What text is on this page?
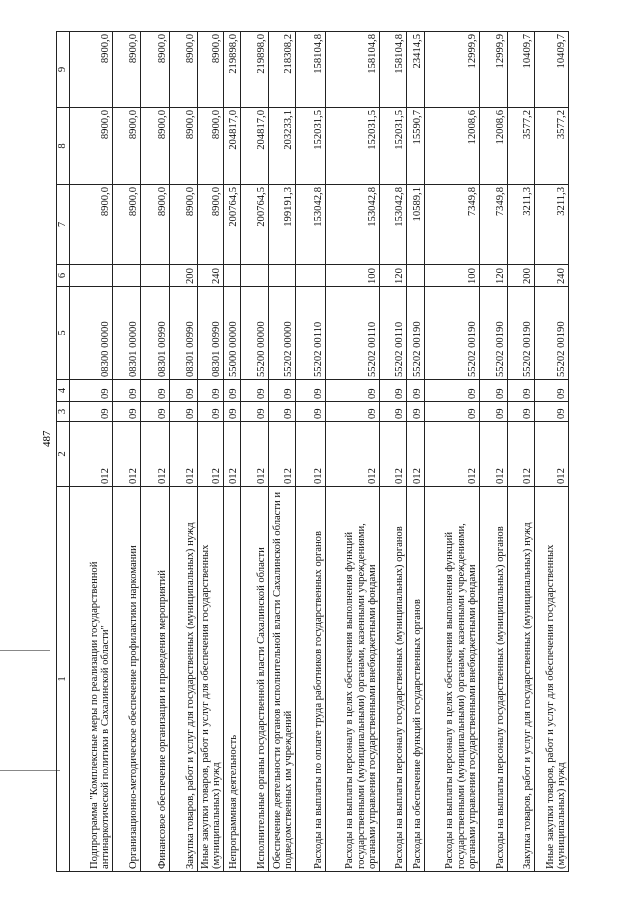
487
1	2	3	4	5	6	7	8	9
Подпрограмма "Комплексные меры по реализации государственной антинаркотической политики в Сахалинской области"	012	09	09	08300 00000		8900,0	8900,0	8900,0
Организационно-методическое обеспечение профилактики наркомании	012	09	09	08301 00000		8900,0	8900,0	8900,0
Финансовое обеспечение организации и проведения мероприятий	012	09	09	08301 00990		8900,0	8900,0	8900,0
Закупка товаров, работ и услуг для государственных (муниципальных) нужд	012	09	09	08301 00990	200	8900,0	8900,0	8900,0
Иные закупки товаров, работ и услуг для обеспечения государственных (муниципальных) нужд	012	09	09	08301 00990	240	8900,0	8900,0	8900,0
Непрограммная деятельность	012	09	09	55000 00000		200764,5	204817,0	219898,0
Исполнительные органы государственной власти Сахалинской области	012	09	09	55200 00000		200764,5	204817,0	219898,0
Обеспечение деятельности органов исполнительной власти Сахалинской области и подведомственных им учреждений	012	09	09	55202 00000		199191,3	203233,1	218308,2
Расходы на выплаты по оплате труда работников государственных органов	012	09	09	55202 00110		153042,8	152031,5	158104,8
Расходы на выплаты персоналу в целях обеспечения выполнения функций государственными (муниципальными) органами, казенными учреждениями, органами управления государственными внебюджетными фондами	012	09	09	55202 00110	100	153042,8	152031,5	158104,8
Расходы на выплаты персоналу государственных (муниципальных) органов	012	09	09	55202 00110	120	153042,8	152031,5	158104,8
Расходы на обеспечение функций государственных органов	012	09	09	55202 00190		10589,1	15590,7	23414,5
Расходы на выплаты персоналу в целях обеспечения выполнения функций государственными (муниципальными) органами, казенными учреждениями, органами управления государственными внебюджетными фондами	012	09	09	55202 00190	100	7349,8	12008,6	12999,9
Расходы на выплаты персоналу государственных (муниципальных) органов	012	09	09	55202 00190	120	7349,8	12008,6	12999,9
Закупка товаров, работ и услуг для государственных (муниципальных) нужд	012	09	09	55202 00190	200	3211,3	3577,2	10409,7
Иные закупки товаров, работ и услуг для обеспечения государственных (муниципальных) нужд	012	09	09	55202 00190	240	3211,3	3577,2	10409,7
